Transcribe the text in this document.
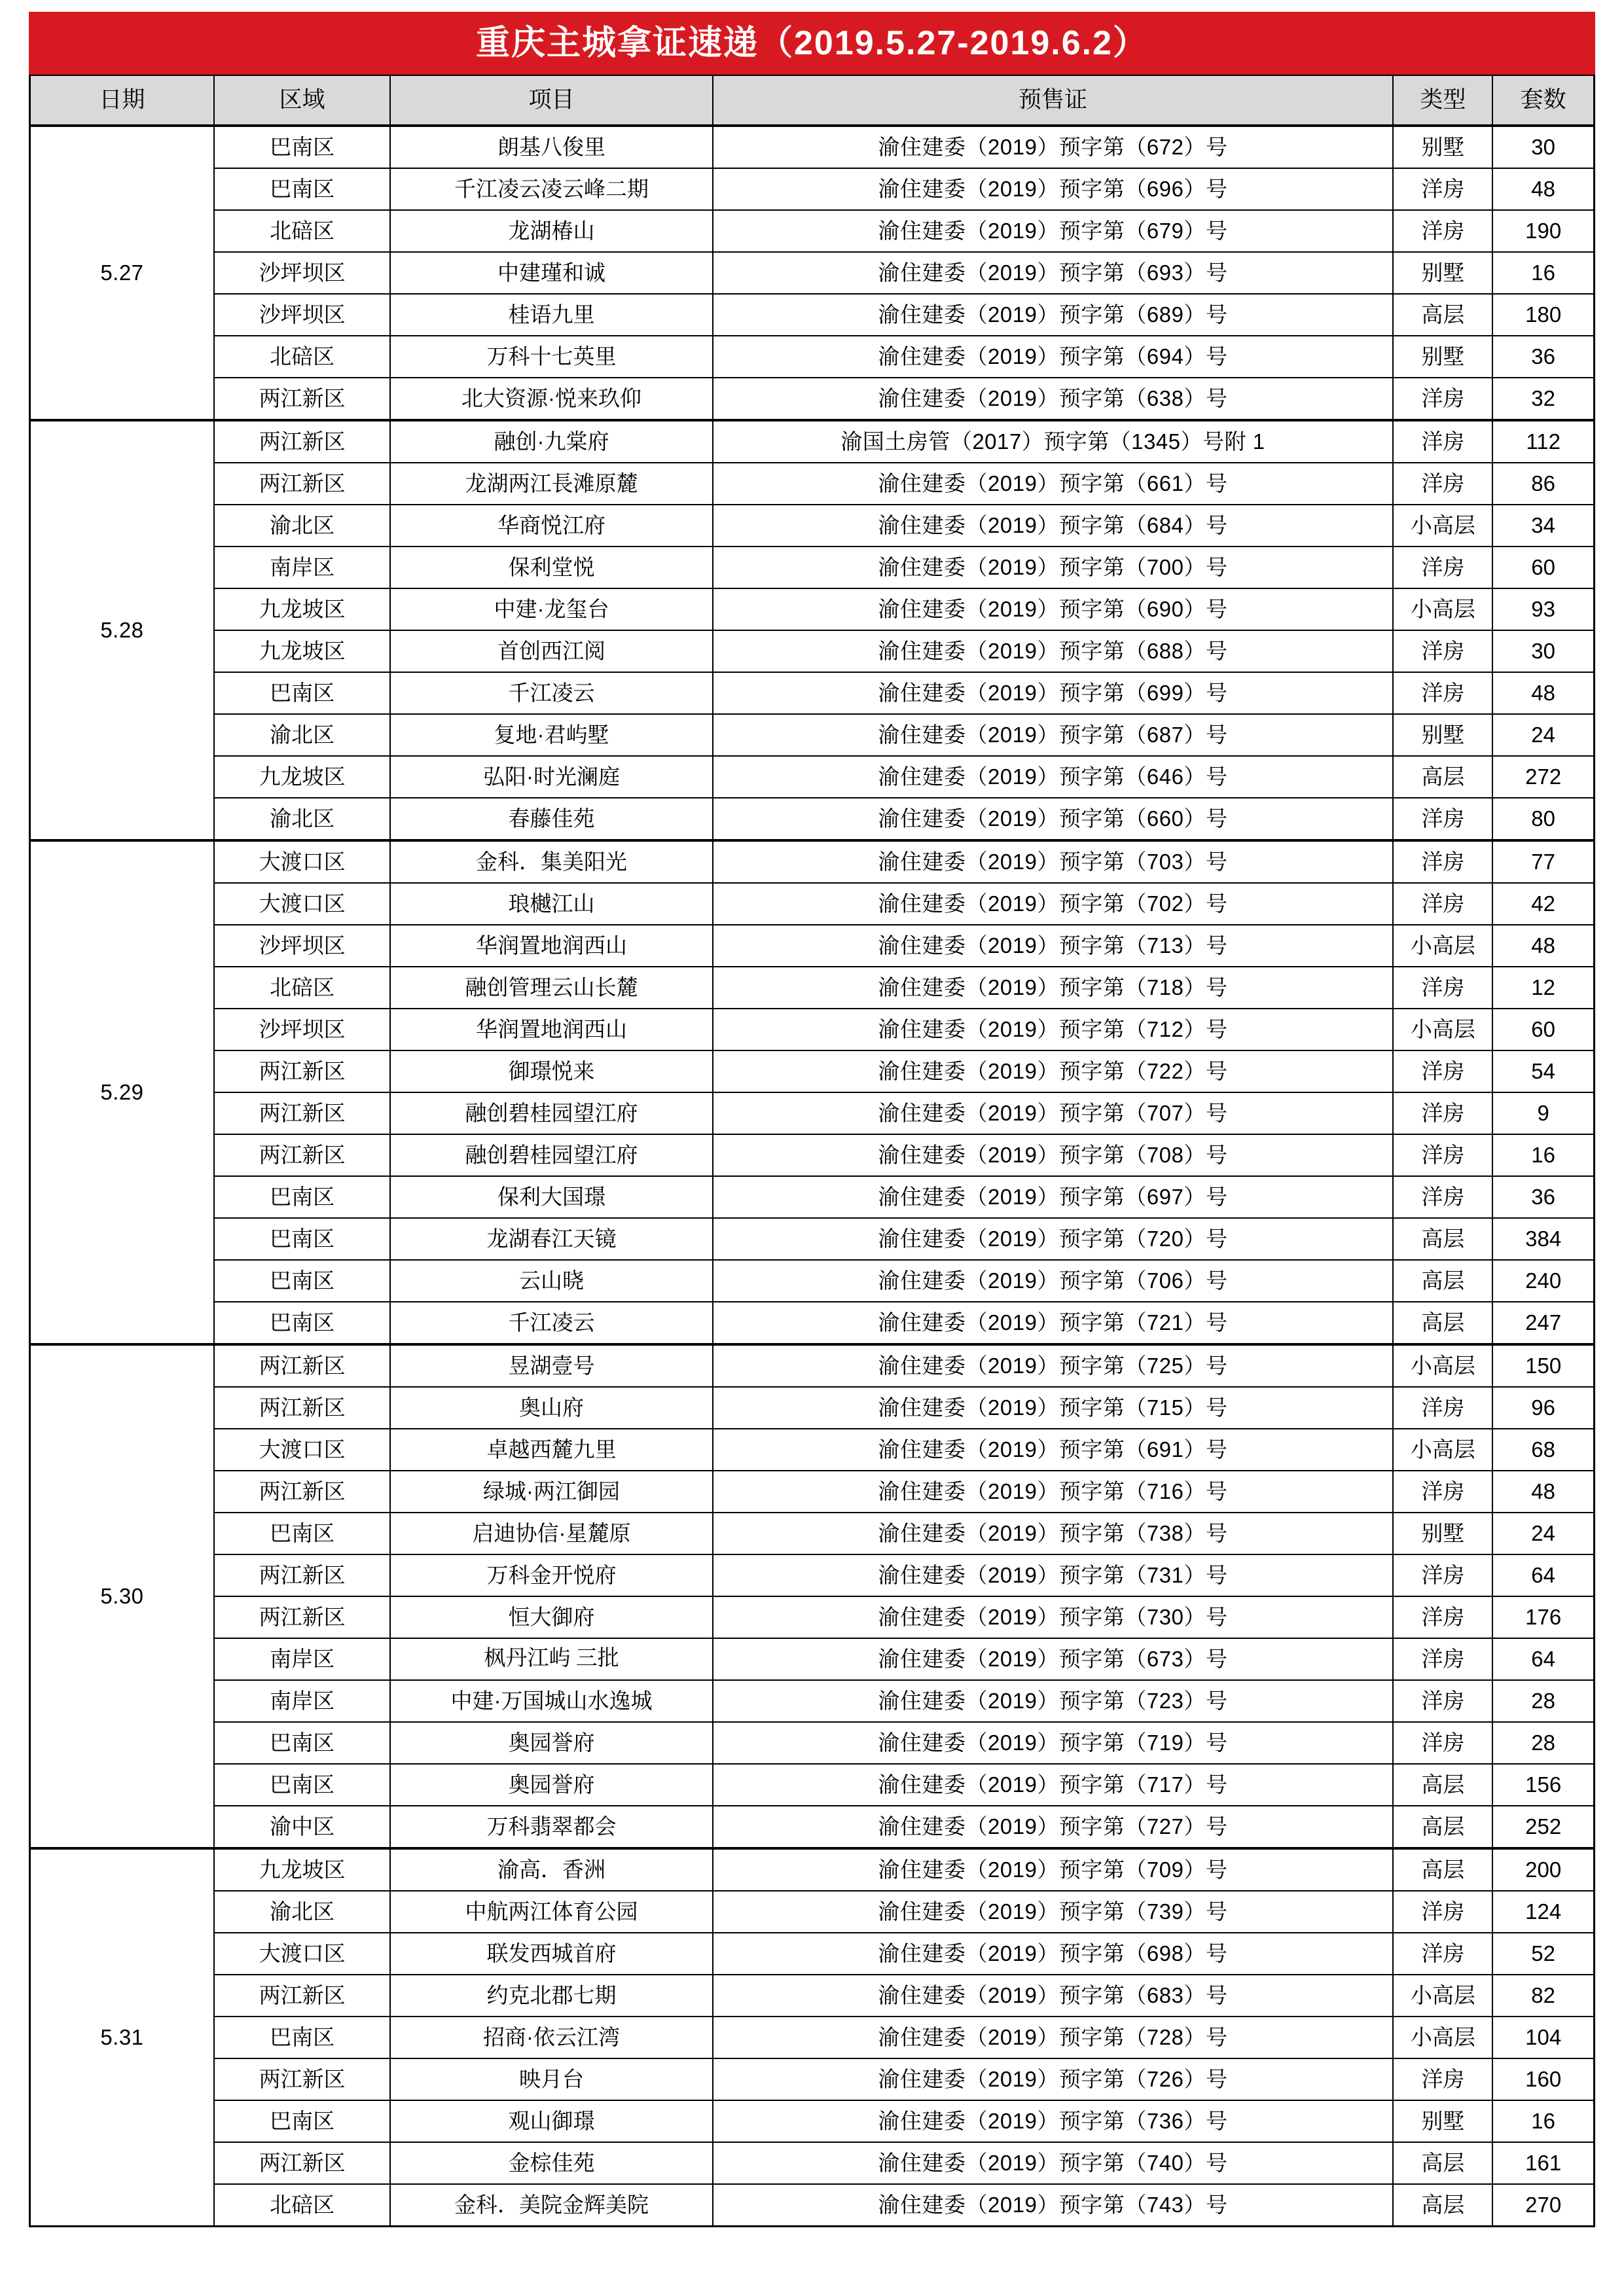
重庆主城拿证速递（2019.5.27-2019.6.2）
日期	区域	项目	预售证	类型	套数
5.27	巴南区	朗基八俊里	渝住建委（2019）预字第（672）号	别墅	30
	巴南区	千江凌云凌云峰二期	渝住建委（2019）预字第（696）号	洋房	48
	北碚区	龙湖椿山	渝住建委（2019）预字第（679）号	洋房	190
	沙坪坝区	中建瑾和诚	渝住建委（2019）预字第（693）号	别墅	16
	沙坪坝区	桂语九里	渝住建委（2019）预字第（689）号	高层	180
	北碚区	万科十七英里	渝住建委（2019）预字第（694）号	别墅	36
	两江新区	北大资源·悦来玖仰	渝住建委（2019）预字第（638）号	洋房	32
5.28	两江新区	融创·九棠府	渝国土房管（2017）预字第（1345）号附 1	洋房	112
	两江新区	龙湖两江長滩原麓	渝住建委（2019）预字第（661）号	洋房	86
	渝北区	华商悦江府	渝住建委（2019）预字第（684）号	小高层	34
	南岸区	保利堂悦	渝住建委（2019）预字第（700）号	洋房	60
	九龙坡区	中建·龙玺台	渝住建委（2019）预字第（690）号	小高层	93
	九龙坡区	首创西江阅	渝住建委（2019）预字第（688）号	洋房	30
	巴南区	千江凌云	渝住建委（2019）预字第（699）号	洋房	48
	渝北区	复地·君屿墅	渝住建委（2019）预字第（687）号	别墅	24
	九龙坡区	弘阳·时光澜庭	渝住建委（2019）预字第（646）号	高层	272
	渝北区	春藤佳苑	渝住建委（2019）预字第（660）号	洋房	80
5.29	大渡口区	金科．集美阳光	渝住建委（2019）预字第（703）号	洋房	77
	大渡口区	琅樾江山	渝住建委（2019）预字第（702）号	洋房	42
	沙坪坝区	华润置地润西山	渝住建委（2019）预字第（713）号	小高层	48
	北碚区	融创管理云山长麓	渝住建委（2019）预字第（718）号	洋房	12
	沙坪坝区	华润置地润西山	渝住建委（2019）预字第（712）号	小高层	60
	两江新区	御璟悦来	渝住建委（2019）预字第（722）号	洋房	54
	两江新区	融创碧桂园望江府	渝住建委（2019）预字第（707）号	洋房	9
	两江新区	融创碧桂园望江府	渝住建委（2019）预字第（708）号	洋房	16
	巴南区	保利大国璟	渝住建委（2019）预字第（697）号	洋房	36
	巴南区	龙湖春江天镜	渝住建委（2019）预字第（720）号	高层	384
	巴南区	云山晓	渝住建委（2019）预字第（706）号	高层	240
	巴南区	千江凌云	渝住建委（2019）预字第（721）号	高层	247
5.30	两江新区	昱湖壹号	渝住建委（2019）预字第（725）号	小高层	150
	两江新区	奥山府	渝住建委（2019）预字第（715）号	洋房	96
	大渡口区	卓越西麓九里	渝住建委（2019）预字第（691）号	小高层	68
	两江新区	绿城·两江御园	渝住建委（2019）预字第（716）号	洋房	48
	巴南区	启迪协信·星麓原	渝住建委（2019）预字第（738）号	别墅	24
	两江新区	万科金开悦府	渝住建委（2019）预字第（731）号	洋房	64
	两江新区	恒大御府	渝住建委（2019）预字第（730）号	洋房	176
	南岸区	枫丹江屿 三批	渝住建委（2019）预字第（673）号	洋房	64
	南岸区	中建·万国城山水逸城	渝住建委（2019）预字第（723）号	洋房	28
	巴南区	奥园誉府	渝住建委（2019）预字第（719）号	洋房	28
	巴南区	奥园誉府	渝住建委（2019）预字第（717）号	高层	156
	渝中区	万科翡翠都会	渝住建委（2019）预字第（727）号	高层	252
5.31	九龙坡区	渝高．香洲	渝住建委（2019）预字第（709）号	高层	200
	渝北区	中航两江体育公园	渝住建委（2019）预字第（739）号	洋房	124
	大渡口区	联发西城首府	渝住建委（2019）预字第（698）号	洋房	52
	两江新区	约克北郡七期	渝住建委（2019）预字第（683）号	小高层	82
	巴南区	招商·依云江湾	渝住建委（2019）预字第（728）号	小高层	104
	两江新区	映月台	渝住建委（2019）预字第（726）号	洋房	160
	巴南区	观山御璟	渝住建委（2019）预字第（736）号	别墅	16
	两江新区	金棕佳苑	渝住建委（2019）预字第（740）号	高层	161
	北碚区	金科．美院金辉美院	渝住建委（2019）预字第（743）号	高层	270
